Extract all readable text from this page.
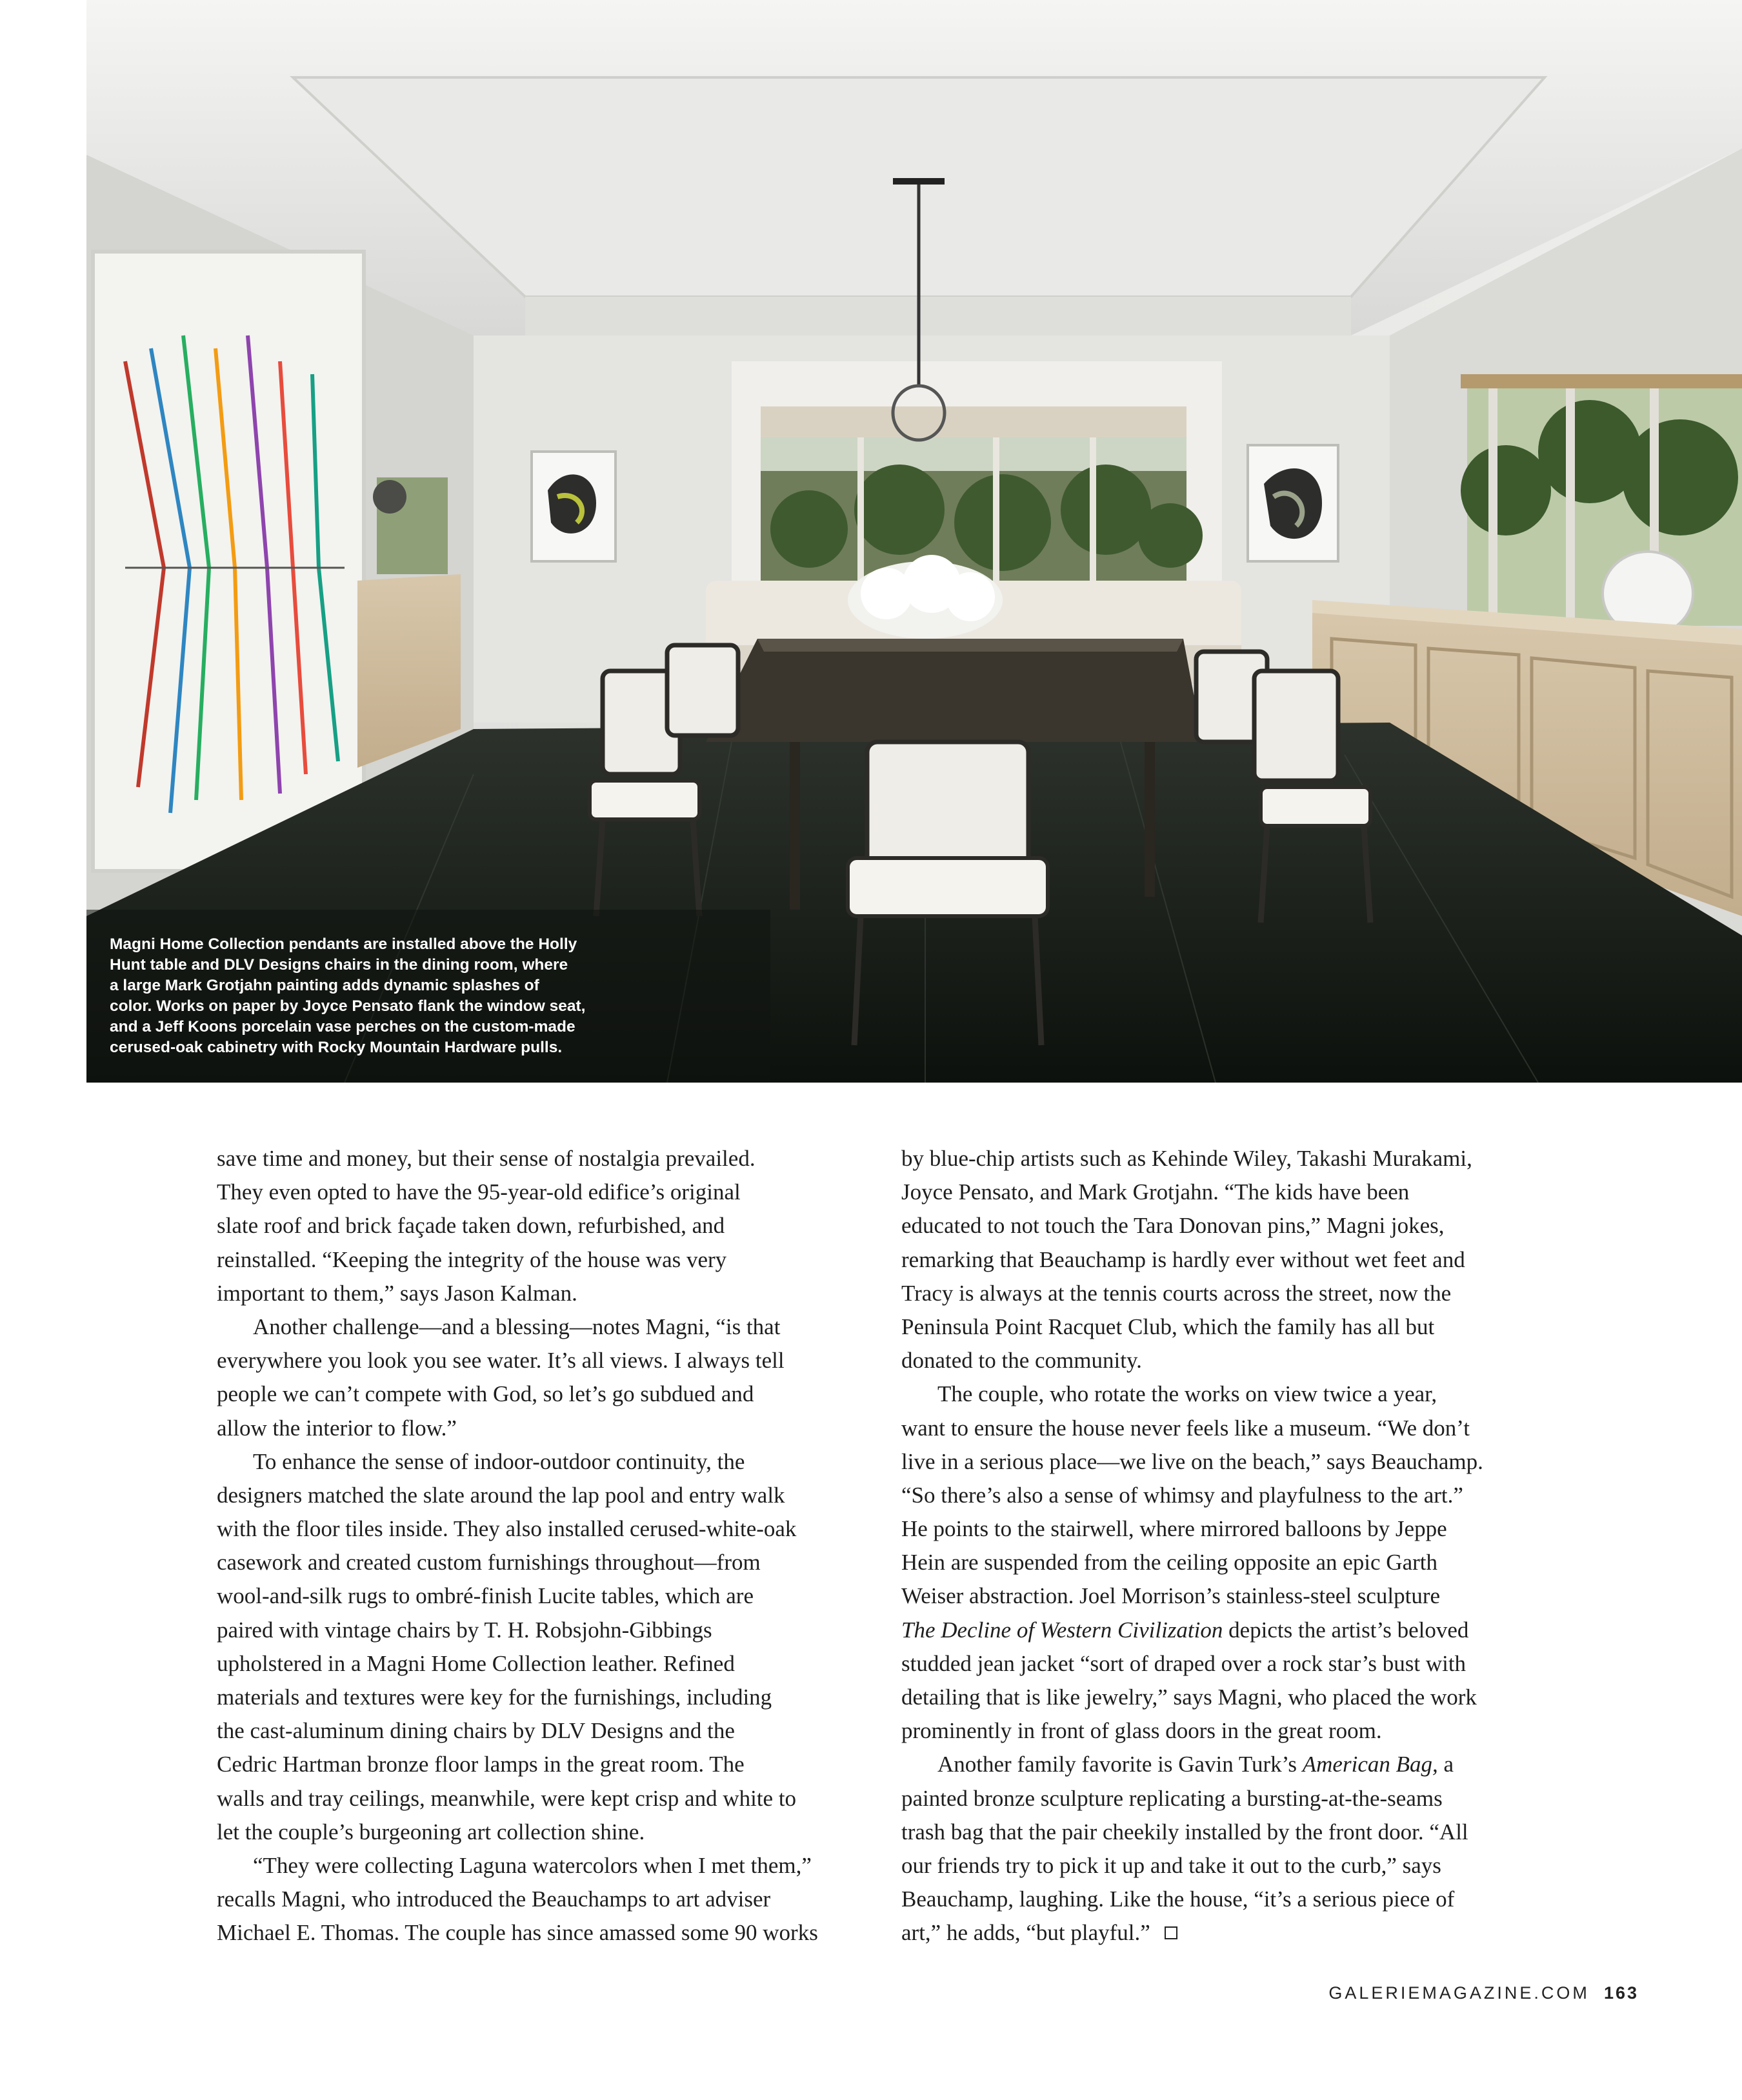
Magni Home Collection pendants are installed above the Holly
Hunt table and DLV Designs chairs in the dining room, where
a large Mark Grotjahn painting adds dynamic splashes of
color. Works on paper by Joyce Pensato flank the window seat,
and a Jeff Koons porcelain vase perches on the custom-made
cerused-oak cabinetry with Rocky Mountain Hardware pulls.
save time and money, but their sense of nostalgia prevailed.
They even opted to have the 95-year-old edifice’s original
slate roof and brick façade taken down, refurbished, and
reinstalled. “Keeping the integrity of the house was very
important to them,” says Jason Kalman.
Another challenge—and a blessing—notes Magni, “is that
everywhere you look you see water. It’s all views. I always tell
people we can’t compete with God, so let’s go subdued and
allow the interior to flow.”
To enhance the sense of indoor-outdoor continuity, the
designers matched the slate around the lap pool and entry walk
with the floor tiles inside. They also installed cerused-white-oak
casework and created custom furnishings throughout—from
wool-and-silk rugs to ombré-finish Lucite tables, which are
paired with vintage chairs by T. H. Robsjohn-Gibbings
upholstered in a Magni Home Collection leather. Refined
materials and textures were key for the furnishings, including
the cast-aluminum dining chairs by DLV Designs and the
Cedric Hartman bronze floor lamps in the great room. The
walls and tray ceilings, meanwhile, were kept crisp and white to
let the couple’s burgeoning art collection shine.
“They were collecting Laguna watercolors when I met them,”
recalls Magni, who introduced the Beauchamps to art adviser
Michael E. Thomas. The couple has since amassed some 90 works
by blue-chip artists such as Kehinde Wiley, Takashi Murakami,
Joyce Pensato, and Mark Grotjahn. “The kids have been
educated to not touch the Tara Donovan pins,” Magni jokes,
remarking that Beauchamp is hardly ever without wet feet and
Tracy is always at the tennis courts across the street, now the
Peninsula Point Racquet Club, which the family has all but
donated to the community.
The couple, who rotate the works on view twice a year,
want to ensure the house never feels like a museum. “We don’t
live in a serious place—we live on the beach,” says Beauchamp.
“So there’s also a sense of whimsy and playfulness to the art.”
He points to the stairwell, where mirrored balloons by Jeppe
Hein are suspended from the ceiling opposite an epic Garth
Weiser abstraction. Joel Morrison’s stainless-steel sculpture
The Decline of Western Civilization depicts the artist’s beloved
studded jean jacket “sort of draped over a rock star’s bust with
detailing that is like jewelry,” says Magni, who placed the work
prominently in front of glass doors in the great room.
Another family favorite is Gavin Turk’s American Bag, a
painted bronze sculpture replicating a bursting-at-the-seams
trash bag that the pair cheekily installed by the front door. “All
our friends try to pick it up and take it out to the curb,” says
Beauchamp, laughing. Like the house, “it’s a serious piece of
art,” he adds, “but playful.”
GALERIEMAGAZINE.COM 163
